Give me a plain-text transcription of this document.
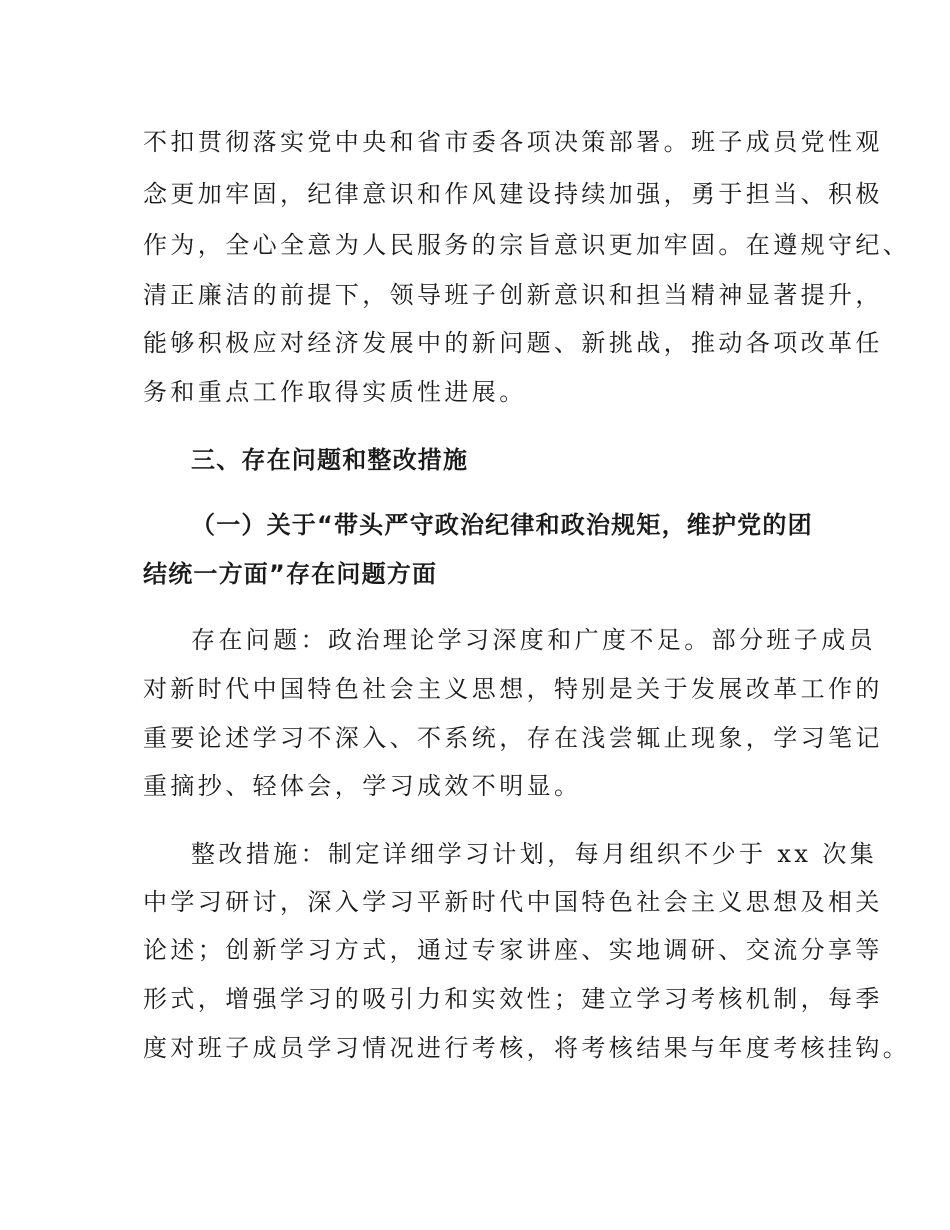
不扣贯彻落实党中央和省市委各项决策部署。班子成员党性观

念更加牢固，纪律意识和作风建设持续加强，勇于担当、积极

作为，全心全意为人民服务的宗旨意识更加牢固。在遵规守纪、

清正廉洁的前提下，领导班子创新意识和担当精神显著提升，

能够积极应对经济发展中的新问题、新挑战，推动各项改革任

务和重点工作取得实质性进展。

三、存在问题和整改措施

（一）关于“带头严守政治纪律和政治规矩，维护党的团

结统一方面”存在问题方面

存在问题：政治理论学习深度和广度不足。部分班子成员

对新时代中国特色社会主义思想，特别是关于发展改革工作的

重要论述学习不深入、不系统，存在浅尝辄止现象，学习笔记

重摘抄、轻体会，学习成效不明显。

整改措施：制定详细学习计划，每月组织不少于 xx 次集

中学习研讨，深入学习平新时代中国特色社会主义思想及相关

论述；创新学习方式，通过专家讲座、实地调研、交流分享等

形式，增强学习的吸引力和实效性；建立学习考核机制，每季

度对班子成员学习情况进行考核，将考核结果与年度考核挂钩。
